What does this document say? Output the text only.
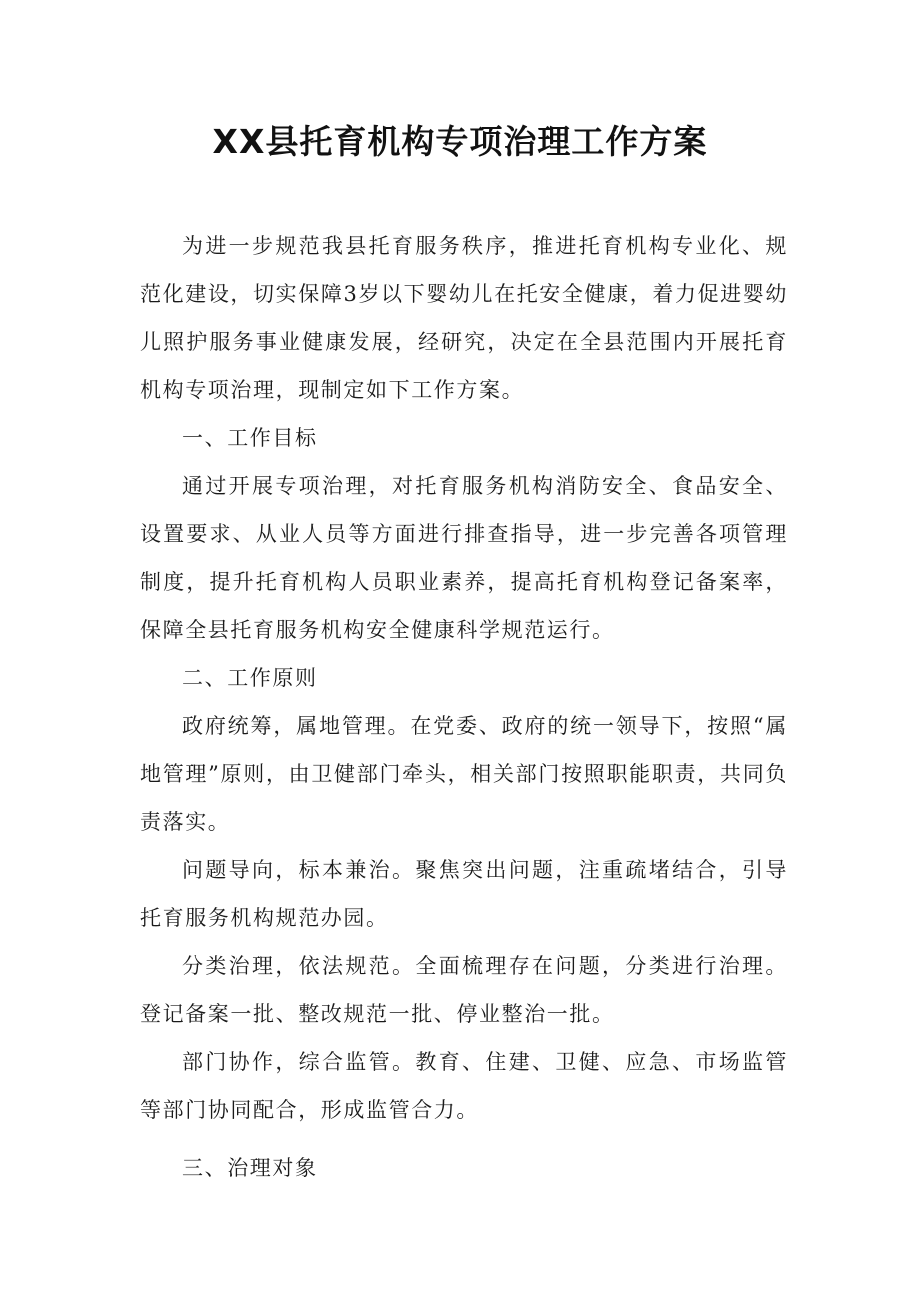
XX县托育机构专项治理工作方案

为进一步规范我县托育服务秩序，推进托育机构专业化、规范化建设，切实保障3岁以下婴幼儿在托安全健康，着力促进婴幼儿照护服务事业健康发展，经研究，决定在全县范围内开展托育机构专项治理，现制定如下工作方案。

一、工作目标

通过开展专项治理，对托育服务机构消防安全、食品安全、设置要求、从业人员等方面进行排查指导，进一步完善各项管理制度，提升托育机构人员职业素养，提高托育机构登记备案率，保障全县托育服务机构安全健康科学规范运行。

二、工作原则

政府统筹，属地管理。在党委、政府的统一领导下，按照“属地管理”原则，由卫健部门牵头，相关部门按照职能职责，共同负责落实。

问题导向，标本兼治。聚焦突出问题，注重疏堵结合，引导托育服务机构规范办园。

分类治理，依法规范。全面梳理存在问题，分类进行治理。登记备案一批、整改规范一批、停业整治一批。

部门协作，综合监管。教育、住建、卫健、应急、市场监管等部门协同配合，形成监管合力。

三、治理对象
